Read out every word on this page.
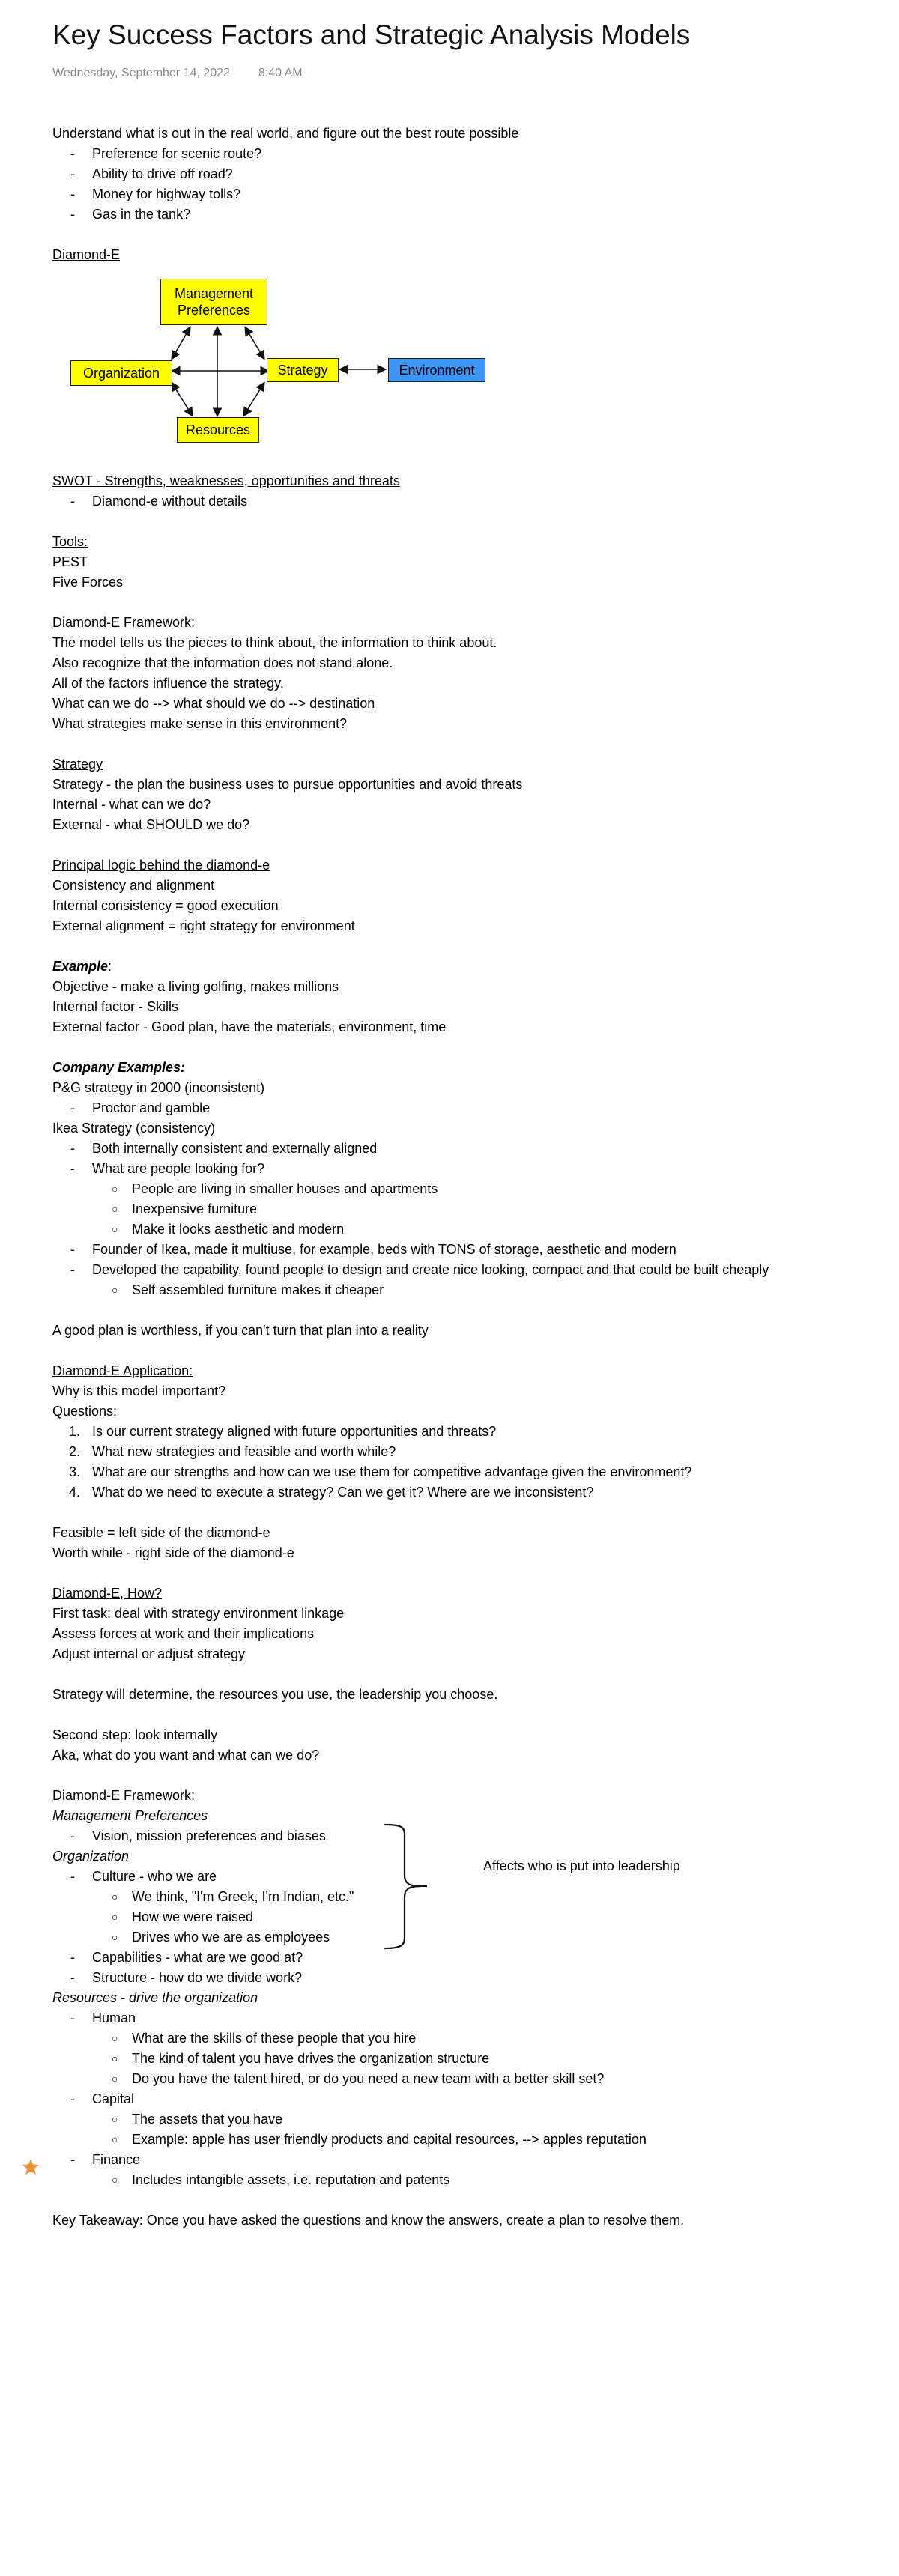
Key Success Factors and Strategic Analysis Models
Wednesday, September 14, 2022 8:40 AM
Understand what is out in the real world, and figure out the best route possible
- Preference for scenic route?
- Ability to drive off road?
- Money for highway tolls?
- Gas in the tank?
Diamond-E
Management Preferences
Organization	Strategy	Environment
Resources
SWOT - Strengths, weaknesses, opportunities and threats
- Diamond-e without details
Tools:
PEST
Five Forces
Diamond-E Framework:
The model tells us the pieces to think about, the information to think about.
Also recognize that the information does not stand alone.
All of the factors influence the strategy.
What can we do --> what should we do --> destination
What strategies make sense in this environment?
Strategy
Strategy - the plan the business uses to pursue opportunities and avoid threats
Internal - what can we do?
External - what SHOULD we do?
Principal logic behind the diamond-e
Consistency and alignment
Internal consistency = good execution
External alignment = right strategy for environment
Example:
Objective - make a living golfing, makes millions
Internal factor - Skills
External factor - Good plan, have the materials, environment, time
Company Examples:
P&G strategy in 2000 (inconsistent)
- Proctor and gamble
Ikea Strategy (consistency)
- Both internally consistent and externally aligned
- What are people looking for?
○ People are living in smaller houses and apartments
○ Inexpensive furniture
○ Make it looks aesthetic and modern
- Founder of Ikea, made it multiuse, for example, beds with TONS of storage, aesthetic and modern
- Developed the capability, found people to design and create nice looking, compact and that could be built cheaply
○ Self assembled furniture makes it cheaper
A good plan is worthless, if you can't turn that plan into a reality
Diamond-E Application:
Why is this model important?
Questions:
1. Is our current strategy aligned with future opportunities and threats?
2. What new strategies and feasible and worth while?
3. What are our strengths and how can we use them for competitive advantage given the environment?
4. What do we need to execute a strategy? Can we get it? Where are we inconsistent?
Feasible = left side of the diamond-e
Worth while - right side of the diamond-e
Diamond-E, How?
First task: deal with strategy environment linkage
Assess forces at work and their implications
Adjust internal or adjust strategy
Strategy will determine, the resources you use, the leadership you choose.
Second step: look internally
Aka, what do you want and what can we do?
Diamond-E Framework:
Management Preferences
- Vision, mission preferences and biases
Organization
- Culture - who we are
○ We think, "I'm Greek, I'm Indian, etc."
○ How we were raised
○ Drives who we are as employees
- Capabilities - what are we good at?
- Structure - how do we divide work?
Resources - drive the organization
- Human
○ What are the skills of these people that you hire
○ The kind of talent you have drives the organization structure
○ Do you have the talent hired, or do you need a new team with a better skill set?
- Capital
○ The assets that you have
○ Example: apple has user friendly products and capital resources, --> apples reputation
- Finance
○ Includes intangible assets, i.e. reputation and patents
Key Takeaway: Once you have asked the questions and know the answers, create a plan to resolve them.
Affects who is put into leadership
